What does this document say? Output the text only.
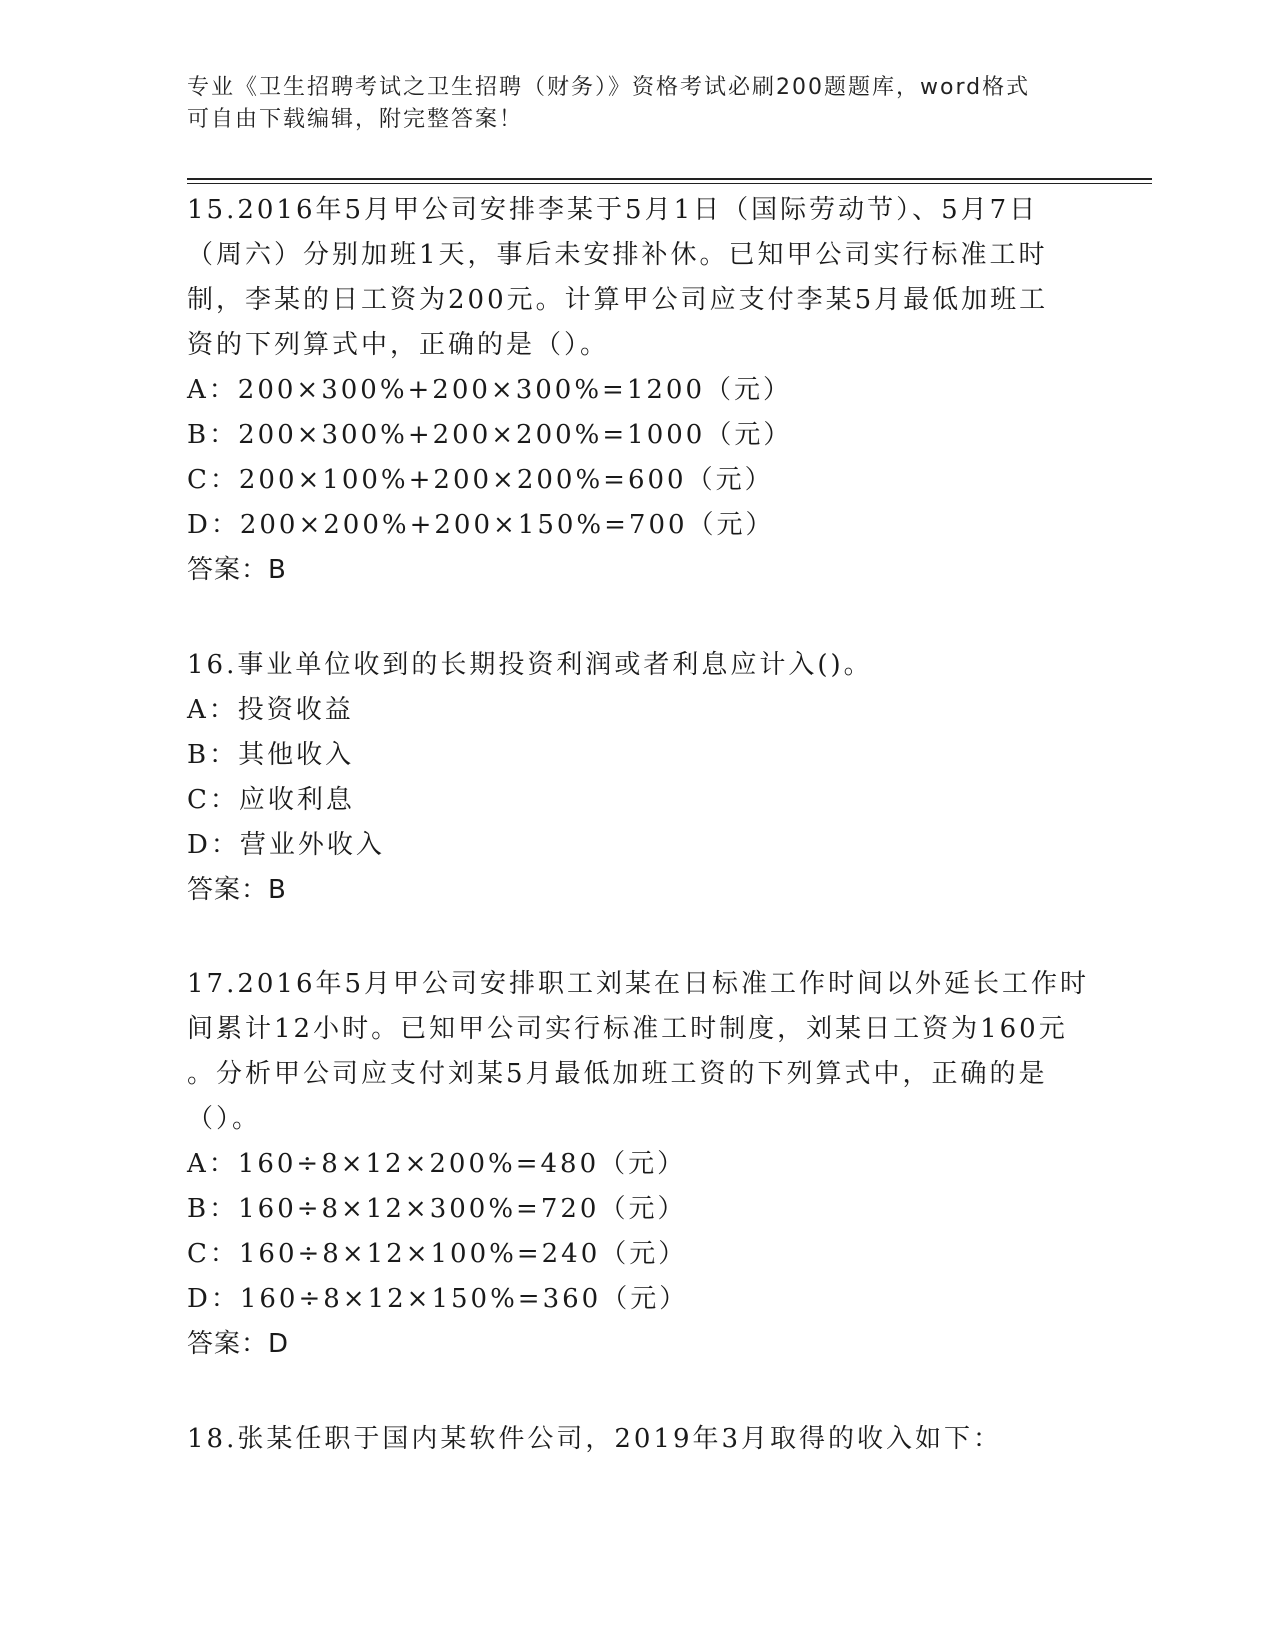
专业《卫生招聘考试之卫生招聘（财务）》资格考试必刷200题题库，word格式
可自由下载编辑，附完整答案！
15.2016年5月甲公司安排李某于5月1日（国际劳动节）、5月7日
（周六）分别加班1天，事后未安排补休。已知甲公司实行标准工时
制，李某的日工资为200元。计算甲公司应支付李某5月最低加班工
资的下列算式中，正确的是（）。
A：200×300%+200×300%=1200（元）
B：200×300%+200×200%=1000（元）
C：200×100%+200×200%=600（元）
D：200×200%+200×150%=700（元）
答案：B
16.事业单位收到的长期投资利润或者利息应计入()。
A：投资收益
B：其他收入
C：应收利息
D：营业外收入
答案：B
17.2016年5月甲公司安排职工刘某在日标准工作时间以外延长工作时
间累计12小时。已知甲公司实行标准工时制度，刘某日工资为160元
。分析甲公司应支付刘某5月最低加班工资的下列算式中，正确的是
（）。
A：160÷8×12×200%=480（元）
B：160÷8×12×300%=720（元）
C：160÷8×12×100%=240（元）
D：160÷8×12×150%=360（元）
答案：D
18.张某任职于国内某软件公司，2019年3月取得的收入如下：
